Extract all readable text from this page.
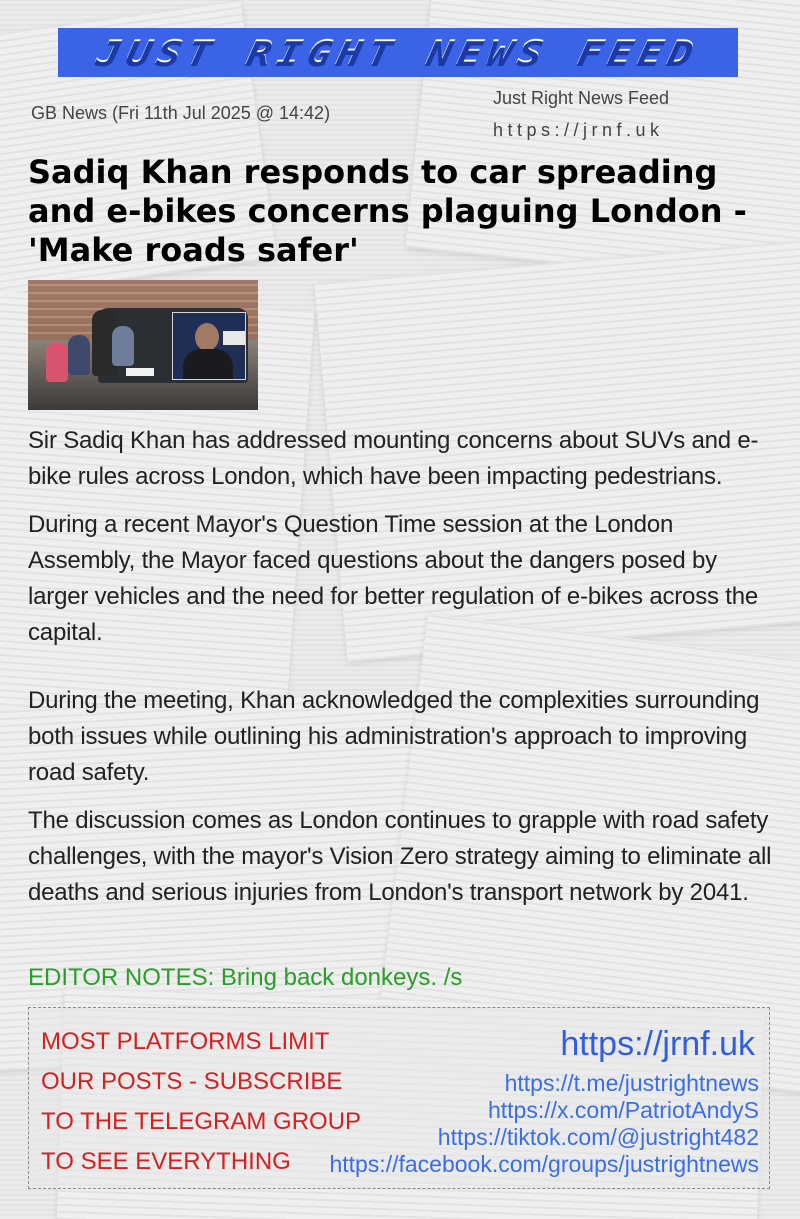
JUST RIGHT NEWS FEED
GB News (Fri 11th Jul 2025 @ 14:42)
Just Right News Feed
https://jrnf.uk
Sadiq Khan responds to car spreading and e-bikes concerns plaguing London - 'Make roads safer'

Sir Sadiq Khan has addressed mounting concerns about SUVs and e-bike rules across London, which have been impacting pedestrians.

During a recent Mayor's Question Time session at the London Assembly, the Mayor faced questions about the dangers posed by larger vehicles and the need for better regulation of e-bikes across the capital.

During the meeting, Khan acknowledged the complexities surrounding both issues while outlining his administration's approach to improving road safety.

The discussion comes as London continues to grapple with road safety challenges, with the mayor's Vision Zero strategy aiming to eliminate all deaths and serious injuries from London's transport network by 2041.

EDITOR NOTES: Bring back donkeys. /s
MOST PLATFORMS LIMIT
OUR POSTS - SUBSCRIBE
TO THE TELEGRAM GROUP
TO SEE EVERYTHING
https://jrnf.uk
https://t.me/justrightnews
https://x.com/PatriotAndyS
https://tiktok.com/@justright482
https://facebook.com/groups/justrightnews
